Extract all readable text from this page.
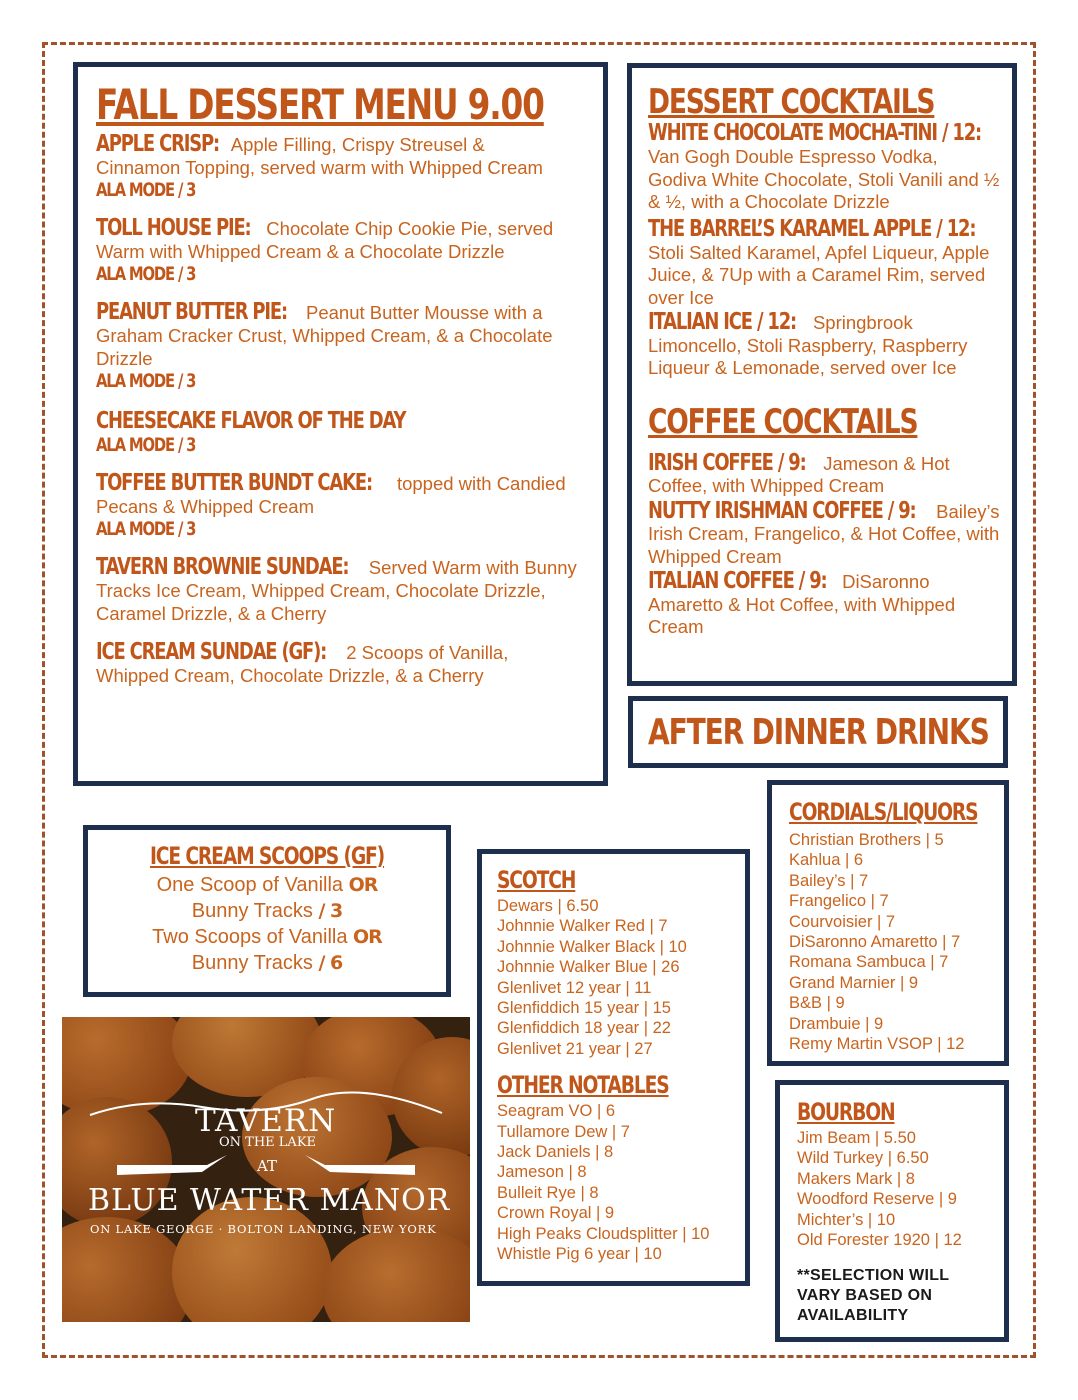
FALL DESSERT MENU 9.00
APPLE CRISP: Apple Filling, Crispy Streusel &
Cinnamon Topping, served warm with Whipped Cream
ALA MODE / 3
TOLL HOUSE PIE: Chocolate Chip Cookie Pie, served
Warm with Whipped Cream & a Chocolate Drizzle
ALA MODE / 3
PEANUT BUTTER PIE: Peanut Butter Mousse with a
Graham Cracker Crust, Whipped Cream, & a Chocolate Drizzle
ALA MODE / 3
CHEESECAKE FLAVOR OF THE DAY
ALA MODE / 3
TOFFEE BUTTER BUNDT CAKE: topped with Candied
Pecans & Whipped Cream
ALA MODE / 3
TAVERN BROWNIE SUNDAE: Served Warm with Bunny
Tracks Ice Cream, Whipped Cream, Chocolate Drizzle, Caramel Drizzle, & a Cherry
ICE CREAM SUNDAE (GF): 2 Scoops of Vanilla,
Whipped Cream, Chocolate Drizzle, & a Cherry
DESSERT COCKTAILS
WHITE CHOCOLATE MOCHA-TINI / 12:
Van Gogh Double Espresso Vodka, Godiva White Chocolate, Stoli Vanili and ½ & ½, with a Chocolate Drizzle
THE BARREL’S KARAMEL APPLE / 12:
Stoli Salted Karamel, Apfel Liqueur, Apple Juice, & 7Up with a Caramel Rim, served over Ice
ITALIAN ICE / 12: Springbrook
Limoncello, Stoli Raspberry, Raspberry Liqueur & Lemonade, served over Ice
COFFEE COCKTAILS
IRISH COFFEE / 9: Jameson & Hot
Coffee, with Whipped Cream
NUTTY IRISHMAN COFFEE / 9: Bailey’s
Irish Cream, Frangelico, & Hot Coffee, with Whipped Cream
ITALIAN COFFEE / 9: DiSaronno
Amaretto & Hot Coffee, with Whipped Cream
AFTER DINNER DRINKS
ICE CREAM SCOOPS (GF)
One Scoop of Vanilla OR
Bunny Tracks / 3
Two Scoops of Vanilla OR
Bunny Tracks / 6
TAVERN
ON THE LAKE
AT
BLUE WATER MANOR
ON LAKE GEORGE · BOLTON LANDING, NEW YORK
SCOTCH
Dewars | 6.50
Johnnie Walker Red | 7
Johnnie Walker Black | 10
Johnnie Walker Blue | 26
Glenlivet 12 year | 11
Glenfiddich 15 year | 15
Glenfiddich 18 year | 22
Glenlivet 21 year | 27
OTHER NOTABLES
Seagram VO | 6
Tullamore Dew | 7
Jack Daniels | 8
Jameson | 8
Bulleit Rye | 8
Crown Royal | 9
High Peaks Cloudsplitter | 10
Whistle Pig 6 year | 10
CORDIALS/LIQUORS
Christian Brothers | 5
Kahlua | 6
Bailey’s | 7
Frangelico | 7
Courvoisier | 7
DiSaronno Amaretto | 7
Romana Sambuca | 7
Grand Marnier | 9
B&B | 9
Drambuie | 9
Remy Martin VSOP | 12
BOURBON
Jim Beam | 5.50
Wild Turkey | 6.50
Makers Mark | 8
Woodford Reserve | 9
Michter’s | 10
Old Forester 1920 | 12
**SELECTION WILL
VARY BASED ON
AVAILABILITY
